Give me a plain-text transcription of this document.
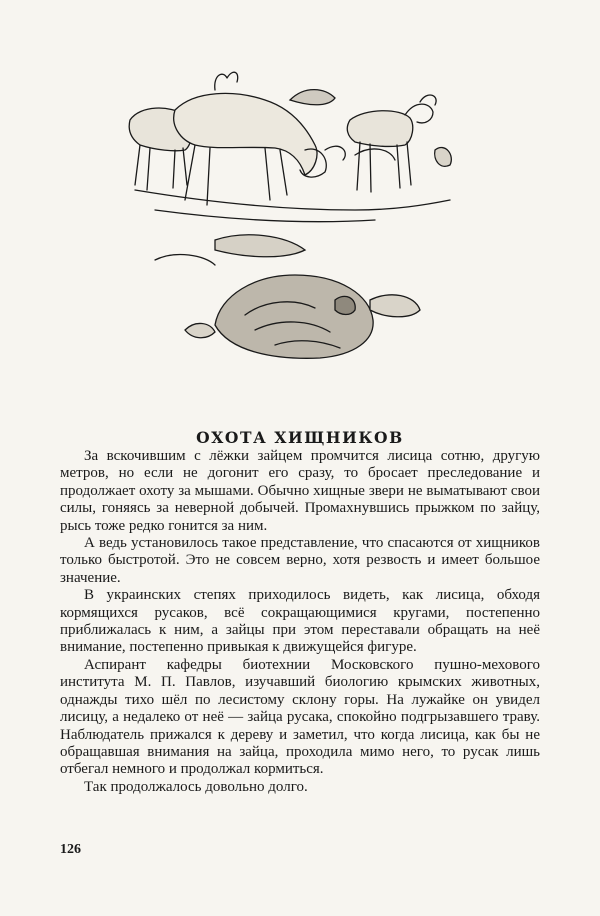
ОХОТА ХИЩНИКОВ

За вскочившим с лёжки зайцем промчится лисица сотню, другую метров, но если не догонит его сразу, то бросает преследование и продолжает охоту за мышами. Обычно хищные звери не выматывают свои силы, гоняясь за неверной добычей. Промахнувшись прыжком по зайцу, рысь тоже редко гонится за ним.

А ведь установилось такое представление, что спасаются от хищников только быстротой. Это не совсем верно, хотя резвость и имеет большое значение.

В украинских степях приходилось видеть, как лисица, обходя кормящихся русаков, всё сокращающимися кругами, постепенно приближалась к ним, а зайцы при этом переставали обращать на неё внимание, постепенно привыкая к движущейся фигуре.

Аспирант кафедры биотехнии Московского пушно-мехового института М. П. Павлов, изучавший биологию крымских животных, однажды тихо шёл по лесистому склону горы. На лужайке он увидел лисицу, а недалеко от неё — зайца русака, спокойно подгрызавшего траву. Наблюдатель прижался к дереву и заметил, что когда лисица, как бы не обращавшая внимания на зайца, проходила мимо него, то русак лишь отбегал немного и продолжал кормиться.

Так продолжалось довольно долго.

126
